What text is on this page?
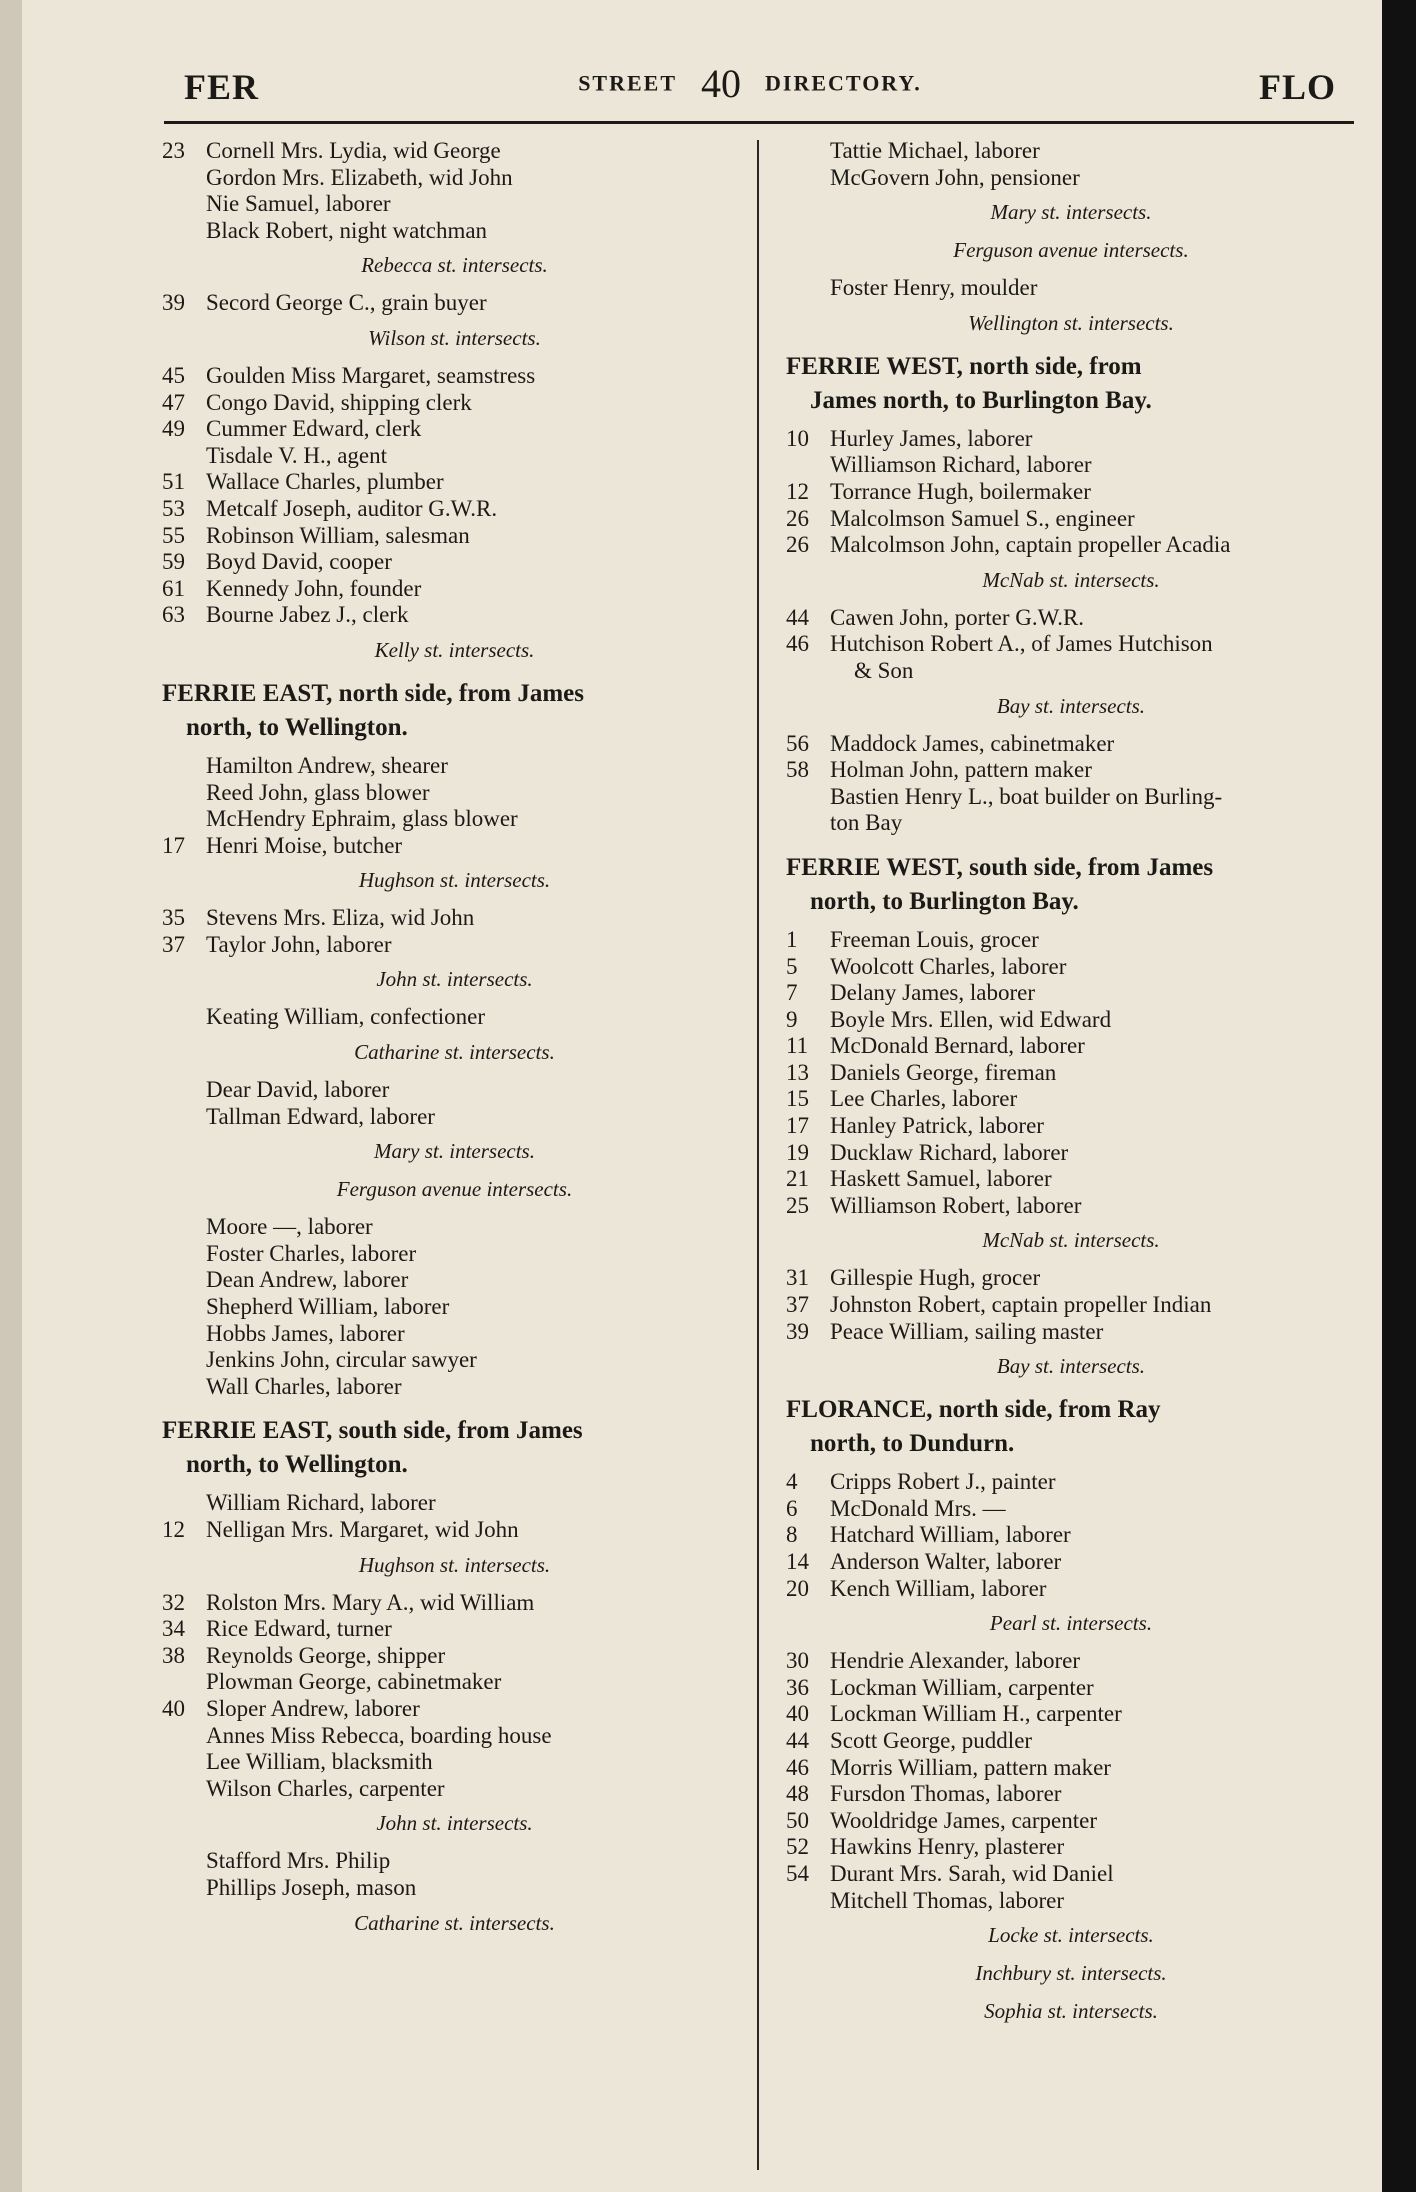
FER	STREET 40 DIRECTORY.	FLO
23 Cornell Mrs. Lydia, wid George
Gordon Mrs. Elizabeth, wid John
Nie Samuel, laborer
Black Robert, night watchman
Rebecca st. intersects.
39 Secord George C., grain buyer
Wilson st. intersects.
45 Goulden Miss Margaret, seamstress
47 Congo David, shipping clerk
49 Cummer Edward, clerk
Tisdale V. H., agent
51 Wallace Charles, plumber
53 Metcalf Joseph, auditor G.W.R.
55 Robinson William, salesman
59 Boyd David, cooper
61 Kennedy John, founder
63 Bourne Jabez J., clerk
Kelly st. intersects.
FERRIE EAST, north side, from James
north, to Wellington.
Hamilton Andrew, shearer
Reed John, glass blower
McHendry Ephraim, glass blower
17 Henri Moise, butcher
Hughson st. intersects.
35 Stevens Mrs. Eliza, wid John
37 Taylor John, laborer
John st. intersects.
Keating William, confectioner
Catharine st. intersects.
Dear David, laborer
Tallman Edward, laborer
Mary st. intersects.
Ferguson avenue intersects.
Moore —, laborer
Foster Charles, laborer
Dean Andrew, laborer
Shepherd William, laborer
Hobbs James, laborer
Jenkins John, circular sawyer
Wall Charles, laborer
FERRIE EAST, south side, from James
north, to Wellington.
William Richard, laborer
12 Nelligan Mrs. Margaret, wid John
Hughson st. intersects.
32 Rolston Mrs. Mary A., wid William
34 Rice Edward, turner
38 Reynolds George, shipper
Plowman George, cabinetmaker
40 Sloper Andrew, laborer
Annes Miss Rebecca, boarding house
Lee William, blacksmith
Wilson Charles, carpenter
John st. intersects.
Stafford Mrs. Philip
Phillips Joseph, mason
Catharine st. intersects.
Tattie Michael, laborer
McGovern John, pensioner
Mary st. intersects.
Ferguson avenue intersects.
Foster Henry, moulder
Wellington st. intersects.
FERRIE WEST, north side, from
James north, to Burlington Bay.
10 Hurley James, laborer
Williamson Richard, laborer
12 Torrance Hugh, boilermaker
26 Malcolmson Samuel S., engineer
26 Malcolmson John, captain propeller Acadia
McNab st. intersects.
44 Cawen John, porter G.W.R.
46 Hutchison Robert A., of James Hutchison
& Son
Bay st. intersects.
56 Maddock James, cabinetmaker
58 Holman John, pattern maker
Bastien Henry L., boat builder on Burling-
ton Bay
FERRIE WEST, south side, from James
north, to Burlington Bay.
1 Freeman Louis, grocer
5 Woolcott Charles, laborer
7 Delany James, laborer
9 Boyle Mrs. Ellen, wid Edward
11 McDonald Bernard, laborer
13 Daniels George, fireman
15 Lee Charles, laborer
17 Hanley Patrick, laborer
19 Ducklaw Richard, laborer
21 Haskett Samuel, laborer
25 Williamson Robert, laborer
McNab st. intersects.
31 Gillespie Hugh, grocer
37 Johnston Robert, captain propeller Indian
39 Peace William, sailing master
Bay st. intersects.
FLORANCE, north side, from Ray
north, to Dundurn.
4 Cripps Robert J., painter
6 McDonald Mrs. —
8 Hatchard William, laborer
14 Anderson Walter, laborer
20 Kench William, laborer
Pearl st. intersects.
30 Hendrie Alexander, laborer
36 Lockman William, carpenter
40 Lockman William H., carpenter
44 Scott George, puddler
46 Morris William, pattern maker
48 Fursdon Thomas, laborer
50 Wooldridge James, carpenter
52 Hawkins Henry, plasterer
54 Durant Mrs. Sarah, wid Daniel
Mitchell Thomas, laborer
Locke st. intersects.
Inchbury st. intersects.
Sophia st. intersects.
